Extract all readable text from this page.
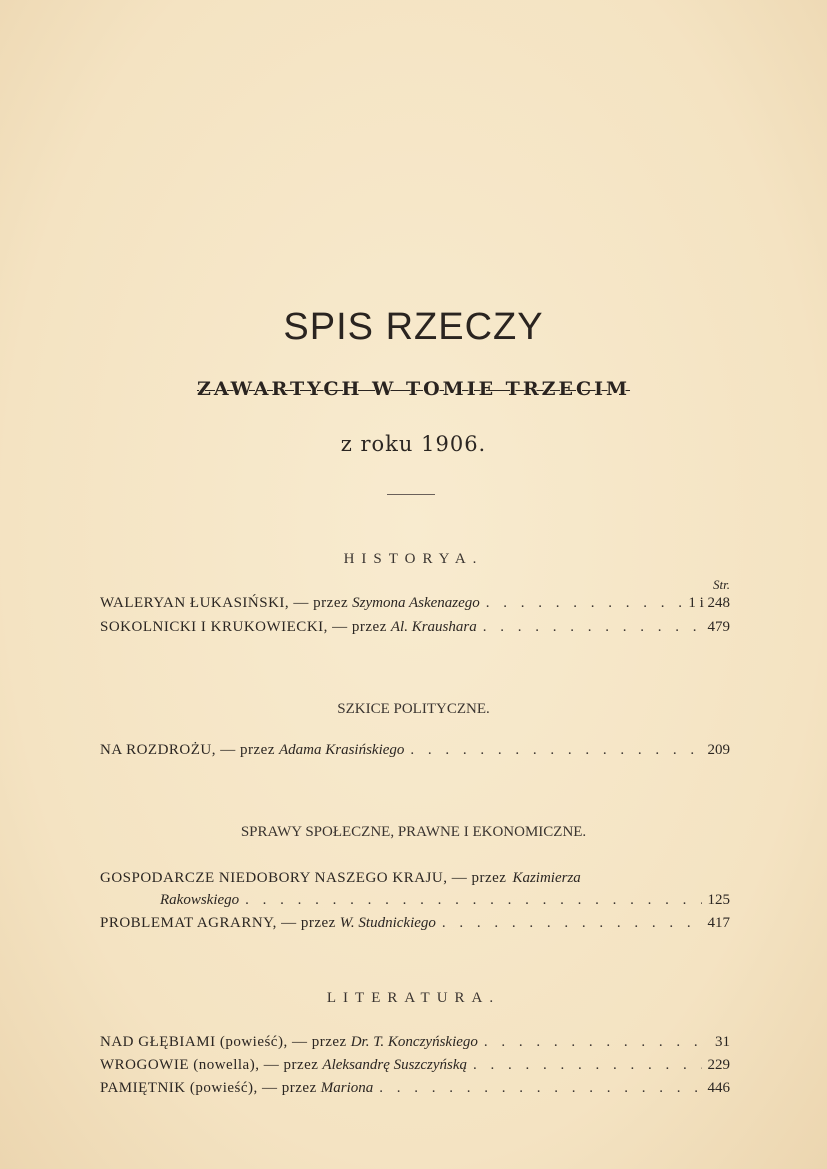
SPIS RZECZY
ZAWARTYCH W TOMIE TRZECIM
z roku 1906.
HISTORYA.
Str.
WALERYAN ŁUKASIŃSKI, — przez Szymona Askenazego . . .	1 i 248
SOKOLNICKI I KRUKOWIECKI, — przez Al. Kraushara . . .	479
SZKICE POLITYCZNE.
NA ROZDROŻU, — przez Adama Krasińskiego . . .	209
SPRAWY SPOŁECZNE, PRAWNE I EKONOMICZNE.
GOSPODARCZE NIEDOBORY NASZEGO KRAJU, — przez Kazimierza
Rakowskiego . . .	125
PROBLEMAT AGRARNY, — przez W. Studnickiego . . .	417
LITERATURA.
NAD GŁĘBIAMI (powieść), — przez Dr. T. Konczyńskiego . . .	31
WROGOWIE (nowella), — przez Aleksandrę Suszczyńską . . .	229
PAMIĘTNIK (powieść), — przez Mariona . . .	446
